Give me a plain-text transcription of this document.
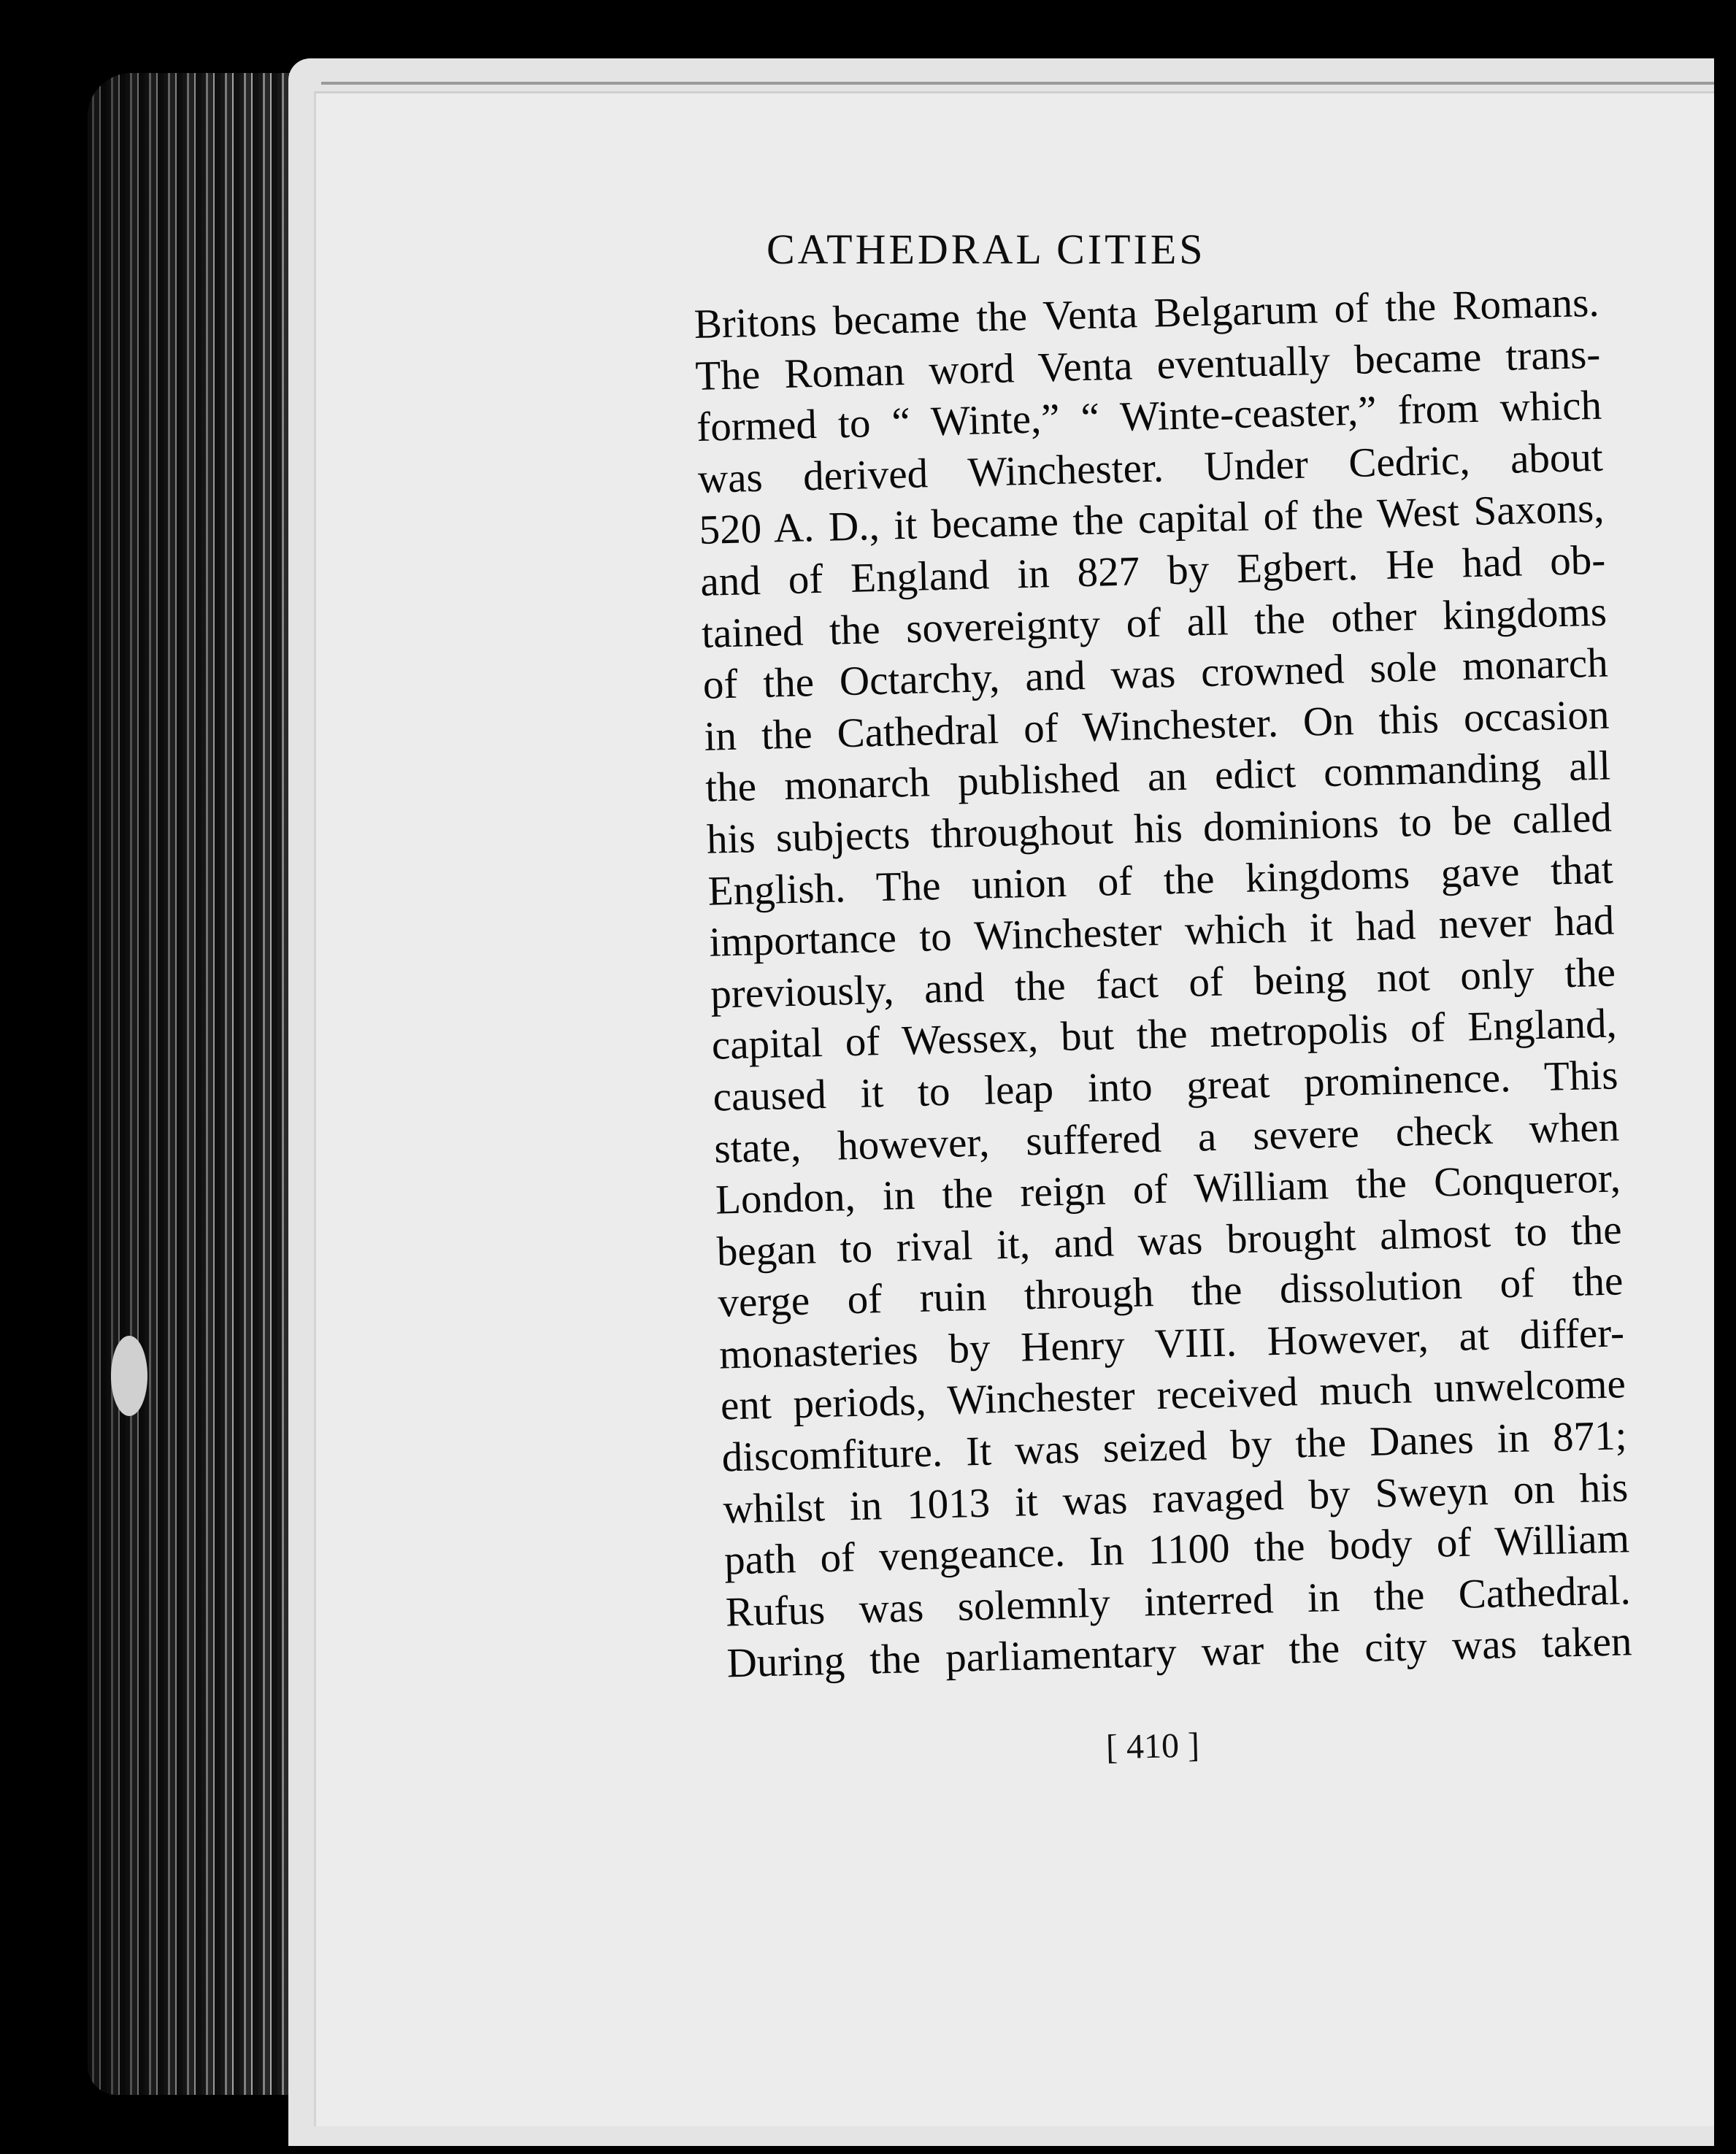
CATHEDRAL CITIES
Britons became the Venta Belgarum of the Romans.
The Roman word Venta eventually became trans-
formed to “ Winte,” “ Winte-ceaster,” from which
was derived Winchester. Under Cedric, about
520 A. D., it became the capital of the West Saxons,
and of England in 827 by Egbert. He had ob-
tained the sovereignty of all the other kingdoms
of the Octarchy, and was crowned sole monarch
in the Cathedral of Winchester. On this occasion
the monarch published an edict commanding all
his subjects throughout his dominions to be called
English. The union of the kingdoms gave that
importance to Winchester which it had never had
previously, and the fact of being not only the
capital of Wessex, but the metropolis of England,
caused it to leap into great prominence. This
state, however, suffered a severe check when
London, in the reign of William the Conqueror,
began to rival it, and was brought almost to the
verge of ruin through the dissolution of the
monasteries by Henry VIII. However, at differ-
ent periods, Winchester received much unwelcome
discomfiture. It was seized by the Danes in 871;
whilst in 1013 it was ravaged by Sweyn on his
path of vengeance. In 1100 the body of William
Rufus was solemnly interred in the Cathedral.
During the parliamentary war the city was taken
[ 410 ]
